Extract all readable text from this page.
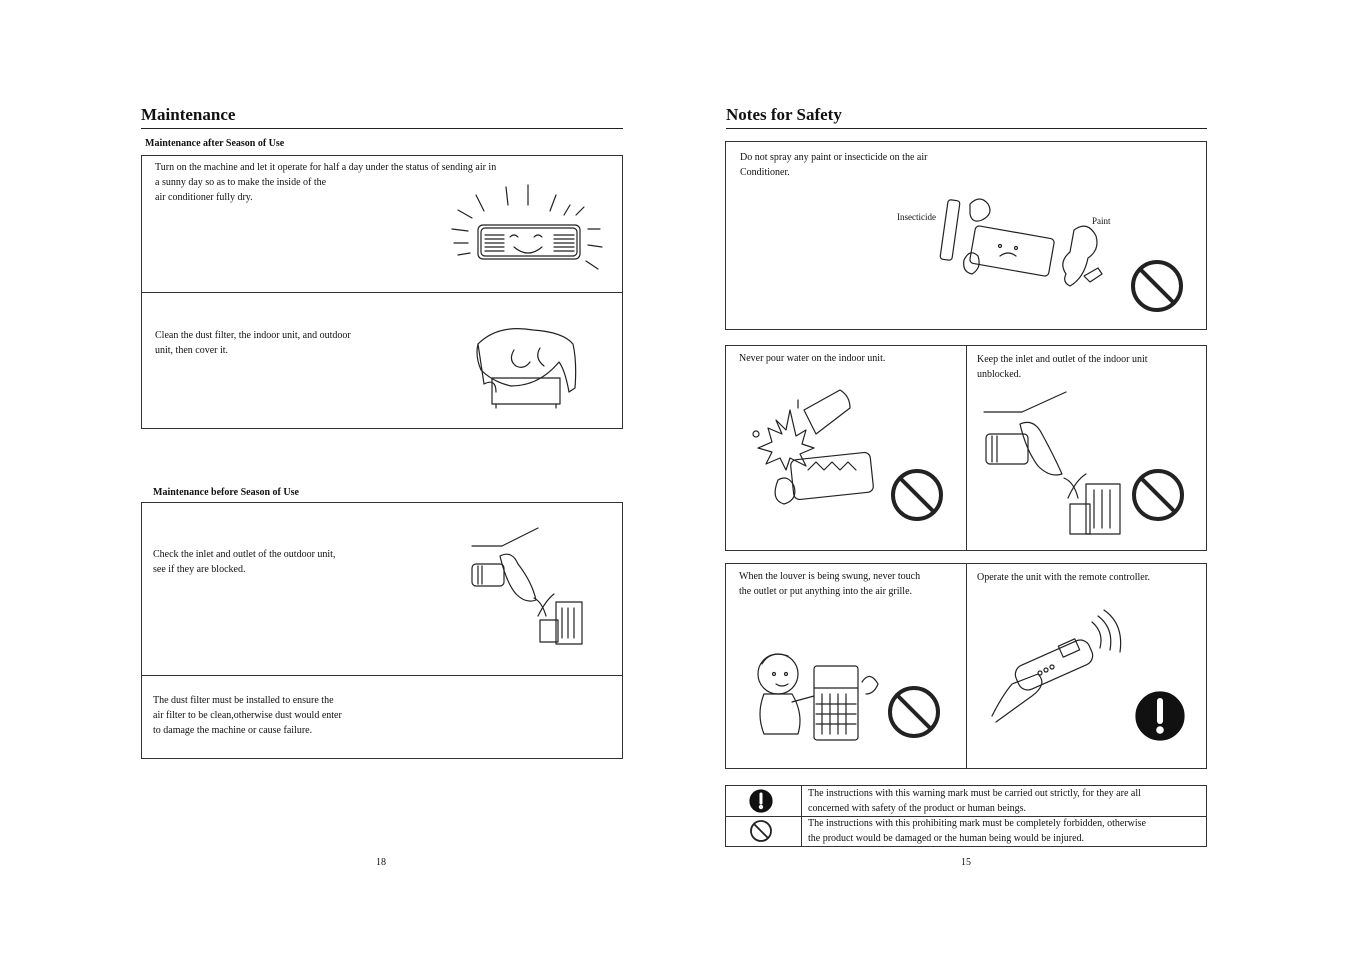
Maintenance
Maintenance after Season of Use
Turn on the machine and let it operate for half a day under the status of sending air in
a sunny day so as to make the inside of the
air conditioner fully dry.
Clean the dust filter, the indoor unit, and outdoor
unit, then cover it.
Maintenance before Season of Use
Check the inlet and outlet of the outdoor unit,
see if they are blocked.
The dust filter must be installed to ensure the
air filter to be clean,otherwise dust would enter
to damage the machine or cause failure.
18
Notes for Safety
Do not spray any paint or insecticide on the air
Conditioner.
Insecticide	Paint
Never pour water on the indoor unit.	Keep the inlet and outlet of the indoor unit
unblocked.
When the louver is being swung, never touch
the outlet or put anything into the air grille.
Operate the unit with the remote controller.
The instructions with this warning mark must be carried out strictly, for they are all
concerned with safety of the product or human beings.
The instructions with this prohibiting mark must be completely forbidden, otherwise
the product would be damaged or the human being would be injured.
15
